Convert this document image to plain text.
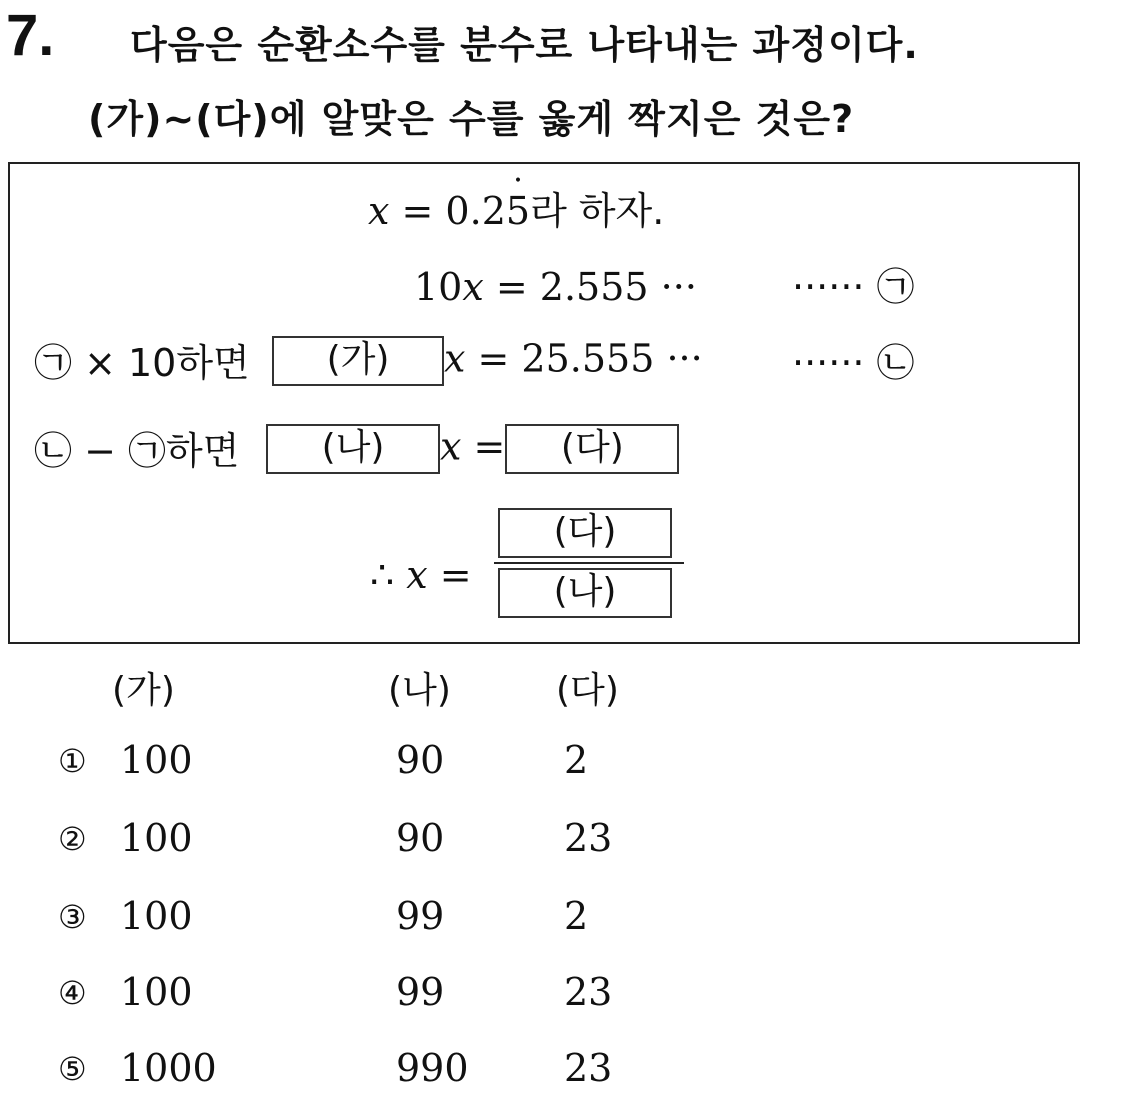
7. 다음은 순환소수를 분수로 나타내는 과정이다.
(가)~(다)에 알맞은 수를 옳게 짝지은 것은?
x = 0.2• 5라 하자.
10x = 2.555 ···	······ ㉠
㉠ × 10하면	(가) x = 25.555 ··· ······ ㉡
㉡ − ㉠하면	(나) x = (다)
∴ x =
(다)
(나)
(가)	(나)	(다)
① 100	90	2
② 100	90	23
③ 100	99	2
④ 100	99	23
⑤ 1000	990	23
